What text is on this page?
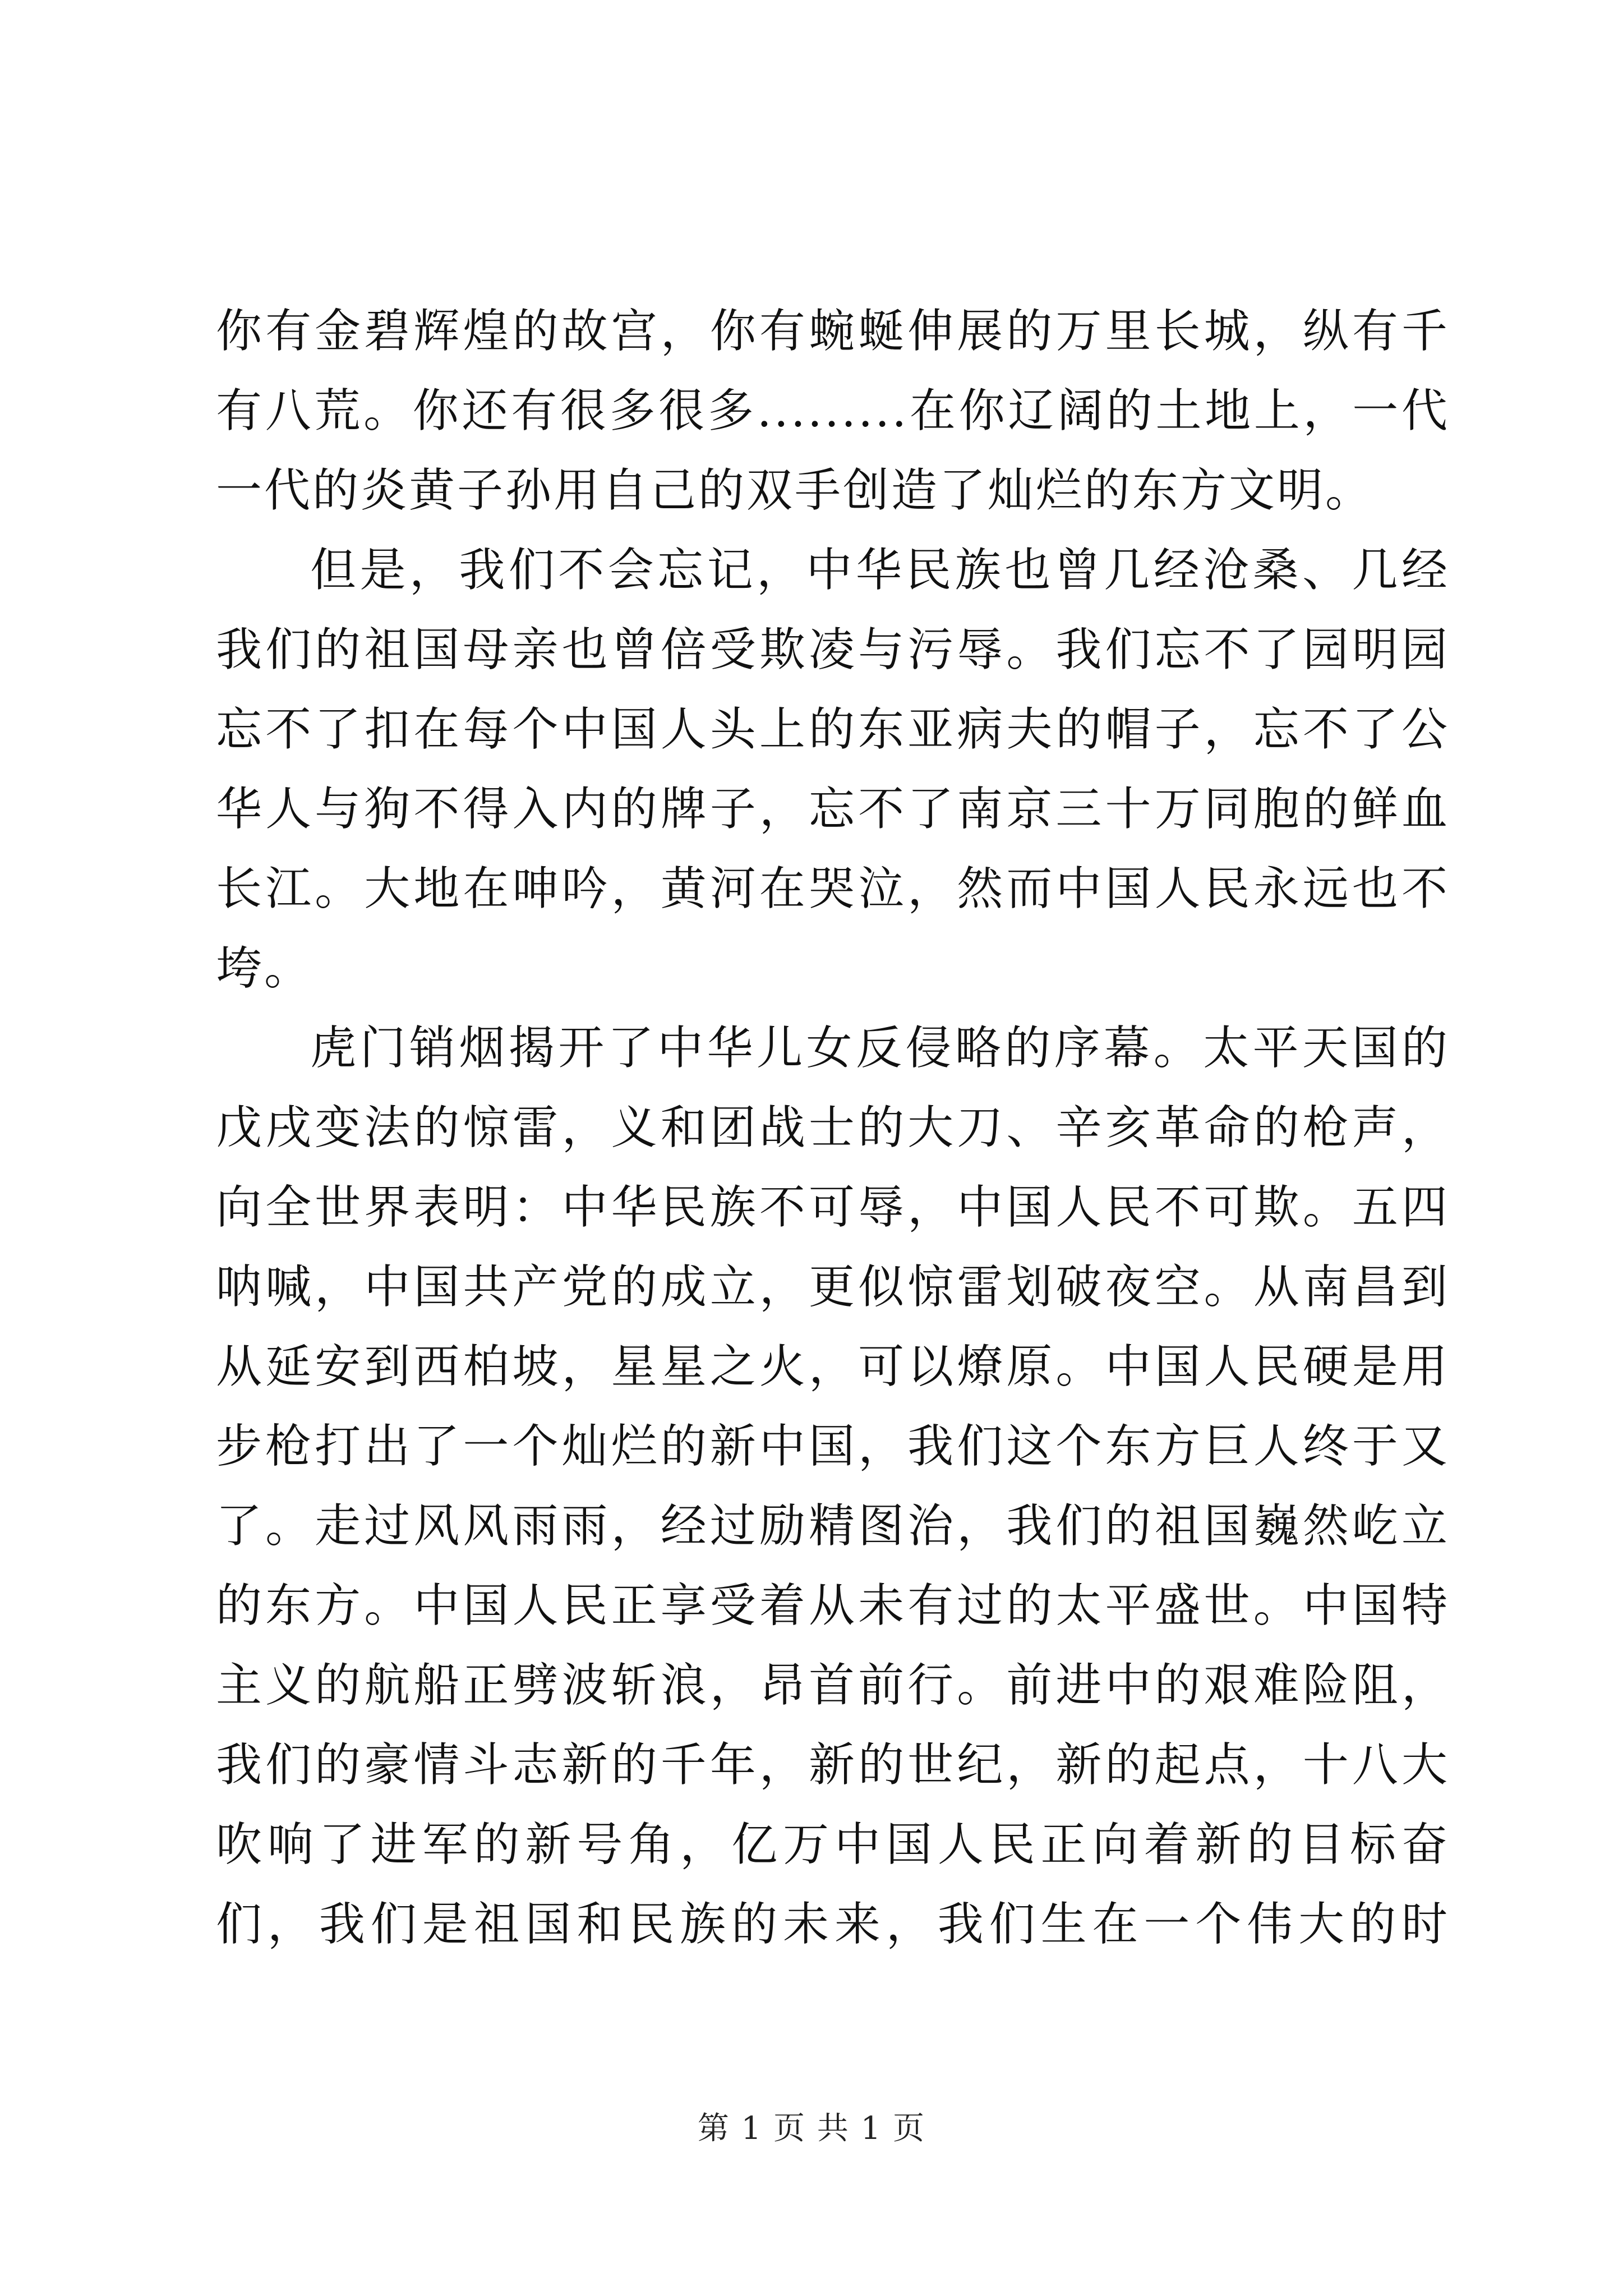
你有金碧辉煌的故宫，你有蜿蜒伸展的万里长城，纵有千
有八荒。你还有很多很多.........在你辽阔的土地上，一代
一代的炎黄子孙用自己的双手创造了灿烂的东方文明。
但是，我们不会忘记，中华民族也曾几经沧桑、几经
我们的祖国母亲也曾倍受欺凌与污辱。我们忘不了园明园
忘不了扣在每个中国人头上的东亚病夫的帽子，忘不了公
华人与狗不得入内的牌子，忘不了南京三十万同胞的鲜血
长江。大地在呻吟，黄河在哭泣，然而中国人民永远也不
垮。
虎门销烟揭开了中华儿女反侵略的序幕。太平天国的
戊戌变法的惊雷，义和团战士的大刀、辛亥革命的枪声，
向全世界表明：中华民族不可辱，中国人民不可欺。五四
呐喊，中国共产党的成立，更似惊雷划破夜空。从南昌到
从延安到西柏坡，星星之火，可以燎原。中国人民硬是用
步枪打出了一个灿烂的新中国，我们这个东方巨人终于又
了。走过风风雨雨，经过励精图治，我们的祖国巍然屹立
的东方。中国人民正享受着从未有过的太平盛世。中国特
主义的航船正劈波斩浪，昂首前行。前进中的艰难险阻，
我们的豪情斗志新的千年，新的世纪，新的起点，十八大
吹响了进军的新号角，亿万中国人民正向着新的目标奋
们，我们是祖国和民族的未来，我们生在一个伟大的时
第 1 页 共 1 页
